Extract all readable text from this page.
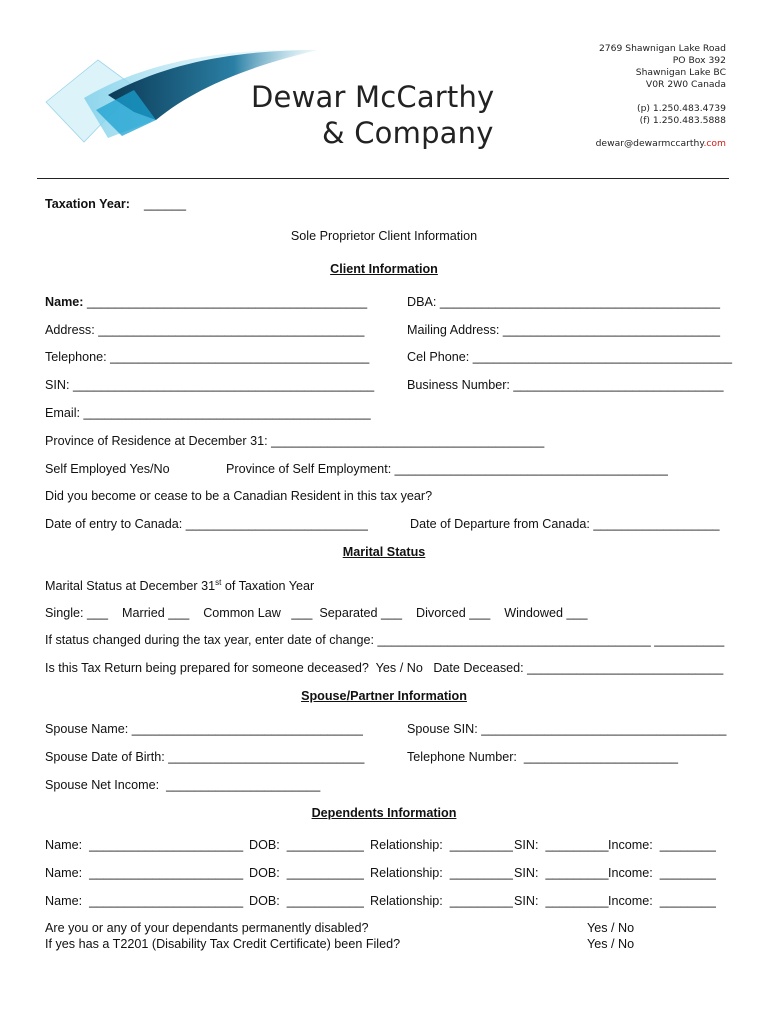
Dewar McCarthy
& Company
2769 Shawnigan Lake Road
PO Box 392
Shawnigan Lake BC
V0R 2W0 Canada
(p) 1.250.483.4739
(f) 1.250.483.5888
dewar@dewarmccarthy.com
Taxation Year: ______
Sole Proprietor Client Information
Client Information
Name: ________________________________________	DBA: ________________________________________
Address: ______________________________________	Mailing Address: _______________________________
Telephone: _____________________________________	Cel Phone: _____________________________________
SIN: ___________________________________________	Business Number: ______________________________
Email: _________________________________________
Province of Residence at December 31: _______________________________________
Self Employed Yes/No	Province of Self Employment: _______________________________________
Did you become or cease to be a Canadian Resident in this tax year?
Date of entry to Canada: __________________________	Date of Departure from Canada: __________________
Marital Status
Marital Status at December 31st of Taxation Year
Single: ___    Married ___    Common Law   ___  Separated ___    Divorced ___    Windowed ___
If status changed during the tax year, enter date of change: _______________________________________ __________
Is this Tax Return being prepared for someone deceased?  Yes / No   Date Deceased: ____________________________
Spouse/Partner Information
Spouse Name: _________________________________	Spouse SIN: ___________________________________
Spouse Date of Birth: ____________________________	Telephone Number:  ______________________
Spouse Net Income:  ______________________
Dependents Information
Name:  ______________________ DOB:  ___________ Relationship:  _________ SIN:  _________ Income:  ________
Name:  ______________________ DOB:  ___________ Relationship:  _________ SIN:  _________ Income:  ________
Name:  ______________________ DOB:  ___________ Relationship:  _________ SIN:  _________ Income:  ________
Are you or any of your dependants permanently disabled?	Yes / No
If yes has a T2201 (Disability Tax Credit Certificate) been Filed?	Yes / No
